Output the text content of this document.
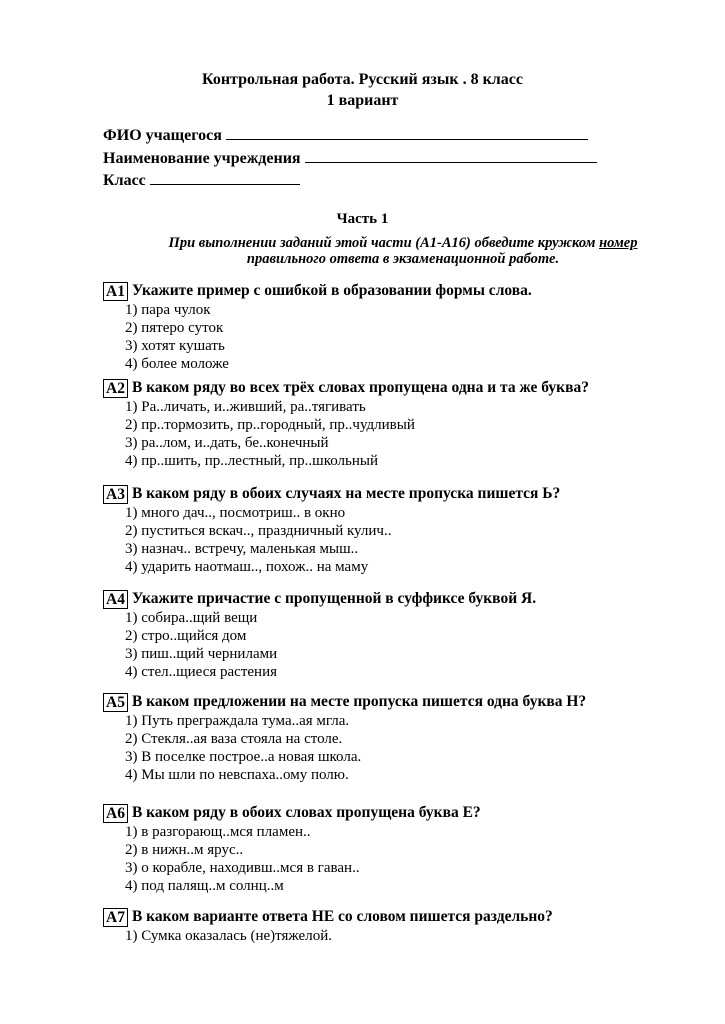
Контрольная работа. Русский язык . 8 класс
1 вариант
ФИО учащегося
Наименование учреждения
Класс
Часть 1
При выполнении заданий этой части (А1-А16) обведите кружком номер
правильного ответа в экзаменационной работе.
А1 Укажите пример с ошибкой в образовании формы слова.
1) пара чулок
2) пятеро суток
3) хотят кушать
4) более моложе
А2 В каком ряду во всех трёх словах пропущена одна и та же буква?
1) Ра..личать, и..живший, ра..тягивать
2) пр..тормозить, пр..городный, пр..чудливый
3) ра..лом, и..дать, бе..конечный
4) пр..шить, пр..лестный, пр..школьный
А3 В каком ряду в обоих случаях на месте пропуска пишется Ь?
1) много дач.., посмотриш.. в окно
2) пуститься вскач.., праздничный кулич..
3) назнач.. встречу, маленькая мыш..
4) ударить наотмаш.., похож.. на маму
А4 Укажите причастие с пропущенной в суффиксе буквой Я.
1) собира..щий вещи
2) стро..щийся дом
3) пиш..щий чернилами
4) стел..щиеся растения
А5 В каком предложении на месте пропуска пишется одна буква Н?
1) Путь преграждала тума..ая мгла.
2) Стекля..ая ваза стояла на столе.
3) В поселке построе..а новая школа.
4) Мы шли по невспаха..ому полю.
А6 В каком ряду в обоих словах пропущена буква Е?
1) в разгорающ..мся пламен..
2) в нижн..м ярус..
3) о корабле, находивш..мся в гаван..
4) под палящ..м солнц..м
А7 В каком варианте ответа НЕ со словом пишется раздельно?
1) Сумка оказалась (не)тяжелой.
